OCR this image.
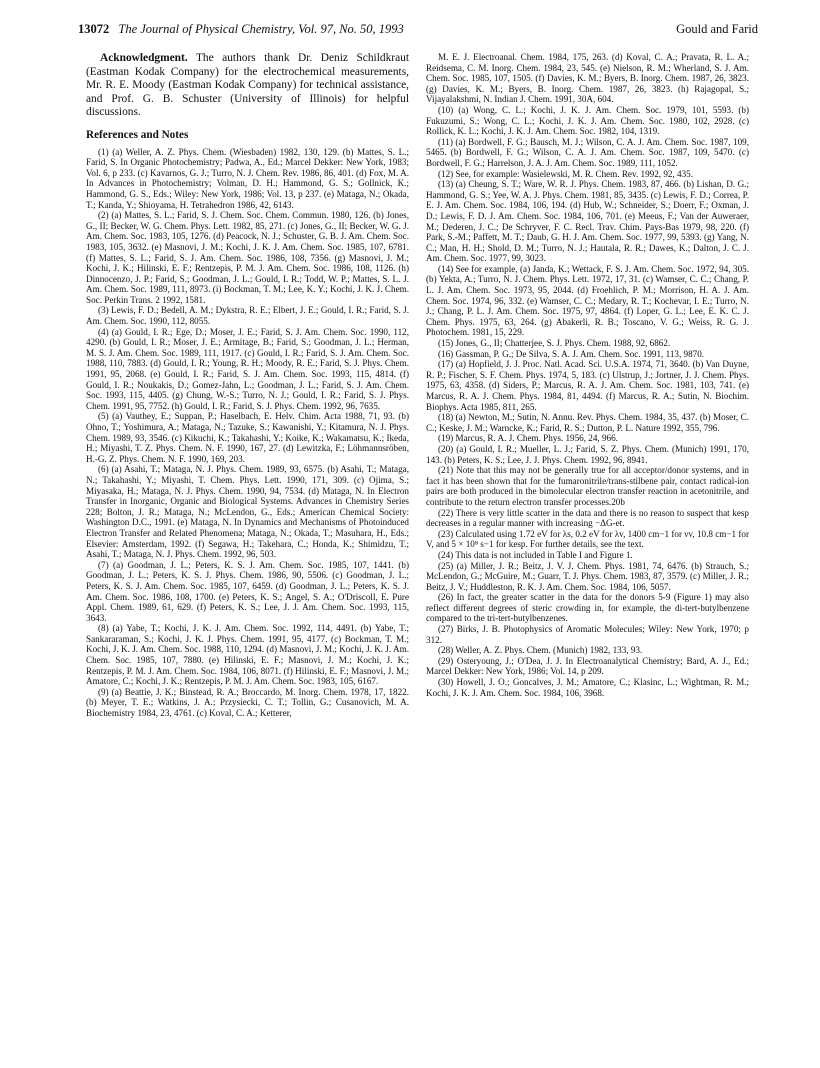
13072 The Journal of Physical Chemistry, Vol. 97, No. 50, 1993	Gould and Farid

Acknowledgment. The authors thank Dr. Deniz Schildkraut (Eastman Kodak Company) for the electrochemical measurements, Mr. R. E. Moody (Eastman Kodak Company) for technical assistance, and Prof. G. B. Schuster (University of Illinois) for helpful discussions.

References and Notes

(1) (a) Weller, A. Z. Phys. Chem. (Wiesbaden) 1982, 130, 129. (b) Mattes, S. L.; Farid, S. In Organic Photochemistry; Padwa, A., Ed.; Marcel Dekker: New York, 1983; Vol. 6, p 233. (c) Kavarnos, G. J.; Turro, N. J. Chem. Rev. 1986, 86, 401. (d) Fox, M. A. In Advances in Photochemistry; Volman, D. H.; Hammond, G. S.; Gollnick, K.; Hammond, G. S., Eds.; Wiley: New York, 1986; Vol. 13, p 237. (e) Mataga, N.; Okada, T.; Kanda, Y.; Shioyama, H. Tetrahedron 1986, 42, 6143.

(2) (a) Mattes, S. L.; Farid, S. J. Chem. Soc. Chem. Commun. 1980, 126. (b) Jones, G., II; Becker, W. G. Chem. Phys. Lett. 1982, 85, 271. (c) Jones, G., II; Becker, W. G. J. Am. Chem. Soc. 1983, 105, 1276. (d) Peacock, N. J.; Schuster, G. B. J. Am. Chem. Soc. 1983, 105, 3632. (e) Masnovi, J. M.; Kochi, J. K. J. Am. Chem. Soc. 1985, 107, 6781. (f) Mattes, S. L.; Farid, S. J. Am. Chem. Soc. 1986, 108, 7356. (g) Masnovi, J. M.; Kochi, J. K.; Hilinski, E. F.; Rentzepis, P. M. J. Am. Chem. Soc. 1986, 108, 1126. (h) Dinnocenzo, J. P.; Farid, S.; Goodman, J. L.; Gould, I. R.; Todd, W. P.; Mattes, S. L. J. Am. Chem. Soc. 1989, 111, 8973. (i) Bockman, T. M.; Lee, K. Y.; Kochi, J. K. J. Chem. Soc. Perkin Trans. 2 1992, 1581.

(3) Lewis, F. D.; Bedell, A. M.; Dykstra, R. E.; Elbert, J. E.; Gould, I. R.; Farid, S. J. Am. Chem. Soc. 1990, 112, 8055.

(4) (a) Gould, I. R.; Ege, D.; Moser, J. E.; Farid, S. J. Am. Chem. Soc. 1990, 112, 4290. (b) Gould, I. R.; Moser, J. E.; Armitage, B.; Farid, S.; Goodman, J. L.; Herman, M. S. J. Am. Chem. Soc. 1989, 111, 1917. (c) Gould, I. R.; Farid, S. J. Am. Chem. Soc. 1988, 110, 7883. (d) Gould, I. R.; Young, R. H.; Moody, R. E.; Farid, S. J. Phys. Chem. 1991, 95, 2068. (e) Gould, I. R.; Farid, S. J. Am. Chem. Soc. 1993, 115, 4814. (f) Gould, I. R.; Noukakis, D.; Gomez-Jahn, L.; Goodman, J. L.; Farid, S. J. Am. Chem. Soc. 1993, 115, 4405. (g) Chung, W.-S.; Turro, N. J.; Gould, I. R.; Farid, S. J. Phys. Chem. 1991, 95, 7752. (h) Gould, I. R.; Farid, S. J. Phys. Chem. 1992, 96, 7635.

(5) (a) Vauthey, E.; Suppan, P.; Haselbach, E. Helv. Chim. Acta 1988, 71, 93. (b) Ohno, T.; Yoshimura, A.; Mataga, N.; Tazuke, S.; Kawanishi, Y.; Kitamura, N. J. Phys. Chem. 1989, 93, 3546. (c) Kikuchi, K.; Takahashi, Y.; Koike, K.; Wakamatsu, K.; Ikeda, H.; Miyashi, T. Z. Phys. Chem. N. F. 1990, 167, 27. (d) Lewitzka, F.; Löhmannsröben, H.-G. Z. Phys. Chem. N. F. 1990, 169, 203.

(6) (a) Asahi, T.; Mataga, N. J. Phys. Chem. 1989, 93, 6575. (b) Asahi, T.; Mataga, N.; Takahashi, Y.; Miyashi, T. Chem. Phys. Lett. 1990, 171, 309. (c) Ojima, S.; Miyasaka, H.; Mataga, N. J. Phys. Chem. 1990, 94, 7534. (d) Mataga, N. In Electron Transfer in Inorganic, Organic and Biological Systems. Advances in Chemistry Series 228; Bolton, J. R.; Mataga, N.; McLendon, G., Eds.; American Chemical Society: Washington D.C., 1991. (e) Mataga, N. In Dynamics and Mechanisms of Photoinduced Electron Transfer and Related Phenomena; Mataga, N.; Okada, T.; Masuhara, H., Eds.; Elsevier: Amsterdam, 1992. (f) Segawa, H.; Takehara, C.; Honda, K.; Shimidzu, T.; Asahi, T.; Mataga, N. J. Phys. Chem. 1992, 96, 503.

(7) (a) Goodman, J. L.; Peters, K. S. J. Am. Chem. Soc. 1985, 107, 1441. (b) Goodman, J. L.; Peters, K. S. J. Phys. Chem. 1986, 90, 5506. (c) Goodman, J. L.; Peters, K. S. J. Am. Chem. Soc. 1985, 107, 6459. (d) Goodman, J. L.; Peters, K. S. J. Am. Chem. Soc. 1986, 108, 1700. (e) Peters, K. S.; Angel, S. A.; O'Driscoll, E. Pure Appl. Chem. 1989, 61, 629. (f) Peters, K. S.; Lee, J. J. Am. Chem. Soc. 1993, 115, 3643.

(8) (a) Yabe, T.; Kochi, J. K. J. Am. Chem. Soc. 1992, 114, 4491. (b) Yabe, T.; Sankararaman, S.; Kochi, J. K. J. Phys. Chem. 1991, 95, 4177. (c) Bockman, T. M.; Kochi, J. K. J. Am. Chem. Soc. 1988, 110, 1294. (d) Masnovi, J. M.; Kochi, J. K. J. Am. Chem. Soc. 1985, 107, 7880. (e) Hilinski, E. F.; Masnovi, J. M.; Kochi, J. K.; Rentzepis, P. M. J. Am. Chem. Soc. 1984, 106, 8071. (f) Hilinski, E. F.; Masnovi, J. M.; Amatore, C.; Kochi, J. K.; Rentzepis, P. M. J. Am. Chem. Soc. 1983, 105, 6167.

(9) (a) Beattie, J. K.; Binstead, R. A.; Broccardo, M. Inorg. Chem. 1978, 17, 1822. (b) Meyer, T. E.; Watkins, J. A.; Przysiecki, C. T.; Tollin, G.; Cusanovich, M. A. Biochemistry 1984, 23, 4761. (c) Koval, C. A.; Ketterer,

M. E. J. Electroanal. Chem. 1984, 175, 263. (d) Koval, C. A.; Pravata, R. L. A.; Reidsema, C. M. Inorg. Chem. 1984, 23, 545. (e) Nielson, R. M.; Wherland, S. J. Am. Chem. Soc. 1985, 107, 1505. (f) Davies, K. M.; Byers, B. Inorg. Chem. 1987, 26, 3823. (g) Davies, K. M.; Byers, B. Inorg. Chem. 1987, 26, 3823. (h) Rajagopal, S.; Vijayalakshmi, N. Indian J. Chem. 1991, 30A, 604.

(10) (a) Wong, C. L.; Kochi, J. K. J. Am. Chem. Soc. 1979, 101, 5593. (b) Fukuzumi, S.; Wong, C. L.; Kochi, J. K. J. Am. Chem. Soc. 1980, 102, 2928. (c) Rollick, K. L.; Kochi, J. K. J. Am. Chem. Soc. 1982, 104, 1319.

(11) (a) Bordwell, F. G.; Bausch, M. J.; Wilson, C. A. J. Am. Chem. Soc. 1987, 109, 5465. (b) Bordwell, F. G.; Wilson, C. A. J. Am. Chem. Soc. 1987, 109, 5470. (c) Bordwell, F. G.; Harrelson, J. A. J. Am. Chem. Soc. 1989, 111, 1052.

(12) See, for example: Wasielewski, M. R. Chem. Rev. 1992, 92, 435.

(13) (a) Cheung, S. T.; Ware, W. R. J. Phys. Chem. 1983, 87, 466. (b) Lishan, D. G.; Hammond, G. S.; Yee, W. A. J. Phys. Chem. 1981, 85, 3435. (c) Lewis, F. D.; Correa, P. E. J. Am. Chem. Soc. 1984, 106, 194. (d) Hub, W.; Schneider, S.; Doerr, F.; Oxman, J. D.; Lewis, F. D. J. Am. Chem. Soc. 1984, 106, 701. (e) Meeus, F.; Van der Auweraer, M.; Dederen, J. C.; De Schryver, F. C. Recl. Trav. Chim. Pays-Bas 1979, 98, 220. (f) Park, S.-M.; Paffett, M. T.; Daub, G. H. J. Am. Chem. Soc. 1977, 99, 5393. (g) Yang, N. C.; Man, H. H.; Shold, D. M.; Turro, N. J.; Hautala, R. R.; Dawes, K.; Dalton, J. C. J. Am. Chem. Soc. 1977, 99, 3023.

(14) See for example, (a) Janda, K.; Wettack, F. S. J. Am. Chem. Soc. 1972, 94, 305. (b) Yekta, A.; Turro, N. J. Chem. Phys. Lett. 1972, 17, 31. (c) Wamser, C. C.; Chang, P. L. J. Am. Chem. Soc. 1973, 95, 2044. (d) Froehlich, P. M.; Morrison, H. A. J. Am. Chem. Soc. 1974, 96, 332. (e) Wamser, C. C.; Medary, R. T.; Kochevar, I. E.; Turro, N. J.; Chang, P. L. J. Am. Chem. Soc. 1975, 97, 4864. (f) Loper, G. L.; Lee, E. K. C. J. Chem. Phys. 1975, 63, 264. (g) Abakerli, R. B.; Toscano, V. G.; Weiss, R. G. J. Photochem. 1981, 15, 229.

(15) Jones, G., II; Chatterjee, S. J. Phys. Chem. 1988, 92, 6862.

(16) Gassman, P. G.; De Silva, S. A. J. Am. Chem. Soc. 1991, 113, 9870.

(17) (a) Hopfield, J. J. Proc. Natl. Acad. Sci. U.S.A. 1974, 71, 3640. (b) Van Duyne, R. P.; Fischer, S. F. Chem. Phys. 1974, 5, 183. (c) Ulstrup, J.; Jortner, J. J. Chem. Phys. 1975, 63, 4358. (d) Siders, P.; Marcus, R. A. J. Am. Chem. Soc. 1981, 103, 741. (e) Marcus, R. A. J. Chem. Phys. 1984, 81, 4494. (f) Marcus, R. A.; Sutin, N. Biochim. Biophys. Acta 1985, 811, 265.

(18) (a) Newton, M.; Sutin, N. Annu. Rev. Phys. Chem. 1984, 35, 437. (b) Moser, C. C.; Keske, J. M.; Warncke, K.; Farid, R. S.; Dutton, P. L. Nature 1992, 355, 796.

(19) Marcus, R. A. J. Chem. Phys. 1956, 24, 966.

(20) (a) Gould, I. R.; Mueller, L. J.; Farid, S. Z. Phys. Chem. (Munich) 1991, 170, 143. (b) Peters, K. S.; Lee, J. J. Phys. Chem. 1992, 96, 8941.

(21) Note that this may not be generally true for all acceptor/donor systems, and in fact it has been shown that for the fumaronitrile/trans-stilbene pair, contact radical-ion pairs are both produced in the bimolecular electron transfer reaction in acetonitrile, and contribute to the return electron transfer processes.20b

(22) There is very little scatter in the data and there is no reason to suspect that kesp decreases in a regular manner with increasing −ΔG-et.

(23) Calculated using 1.72 eV for λs, 0.2 eV for λv, 1400 cm−1 for νv, 10.8 cm−1 for V, and 5 × 10⁸ s−1 for kesp. For further details, see the text.

(24) This data is not included in Table I and Figure 1.

(25) (a) Miller, J. R.; Beitz, J. V. J. Chem. Phys. 1981, 74, 6476. (b) Strauch, S.; McLendon, G.; McGuire, M.; Guarr, T. J. Phys. Chem. 1983, 87, 3579. (c) Miller, J. R.; Beitz, J. V.; Huddleston, R. K. J. Am. Chem. Soc. 1984, 106, 5057.

(26) In fact, the greater scatter in the data for the donors 5-9 (Figure 1) may also reflect different degrees of steric crowding in, for example, the di-tert-butylbenzene compared to the tri-tert-butylbenzenes.

(27) Birks, J. B. Photophysics of Aromatic Molecules; Wiley: New York, 1970; p 312.

(28) Weller, A. Z. Phys. Chem. (Munich) 1982, 133, 93.

(29) Osteryoung, J.; O'Dea, J. J. In Electroanalytical Chemistry; Bard, A. J., Ed.; Marcel Dekker: New York, 1986; Vol. 14, p 209.

(30) Howell, J. O.; Goncalves, J. M.; Amatore, C.; Klasinc, L.; Wightman, R. M.; Kochi, J. K. J. Am. Chem. Soc. 1984, 106, 3968.
